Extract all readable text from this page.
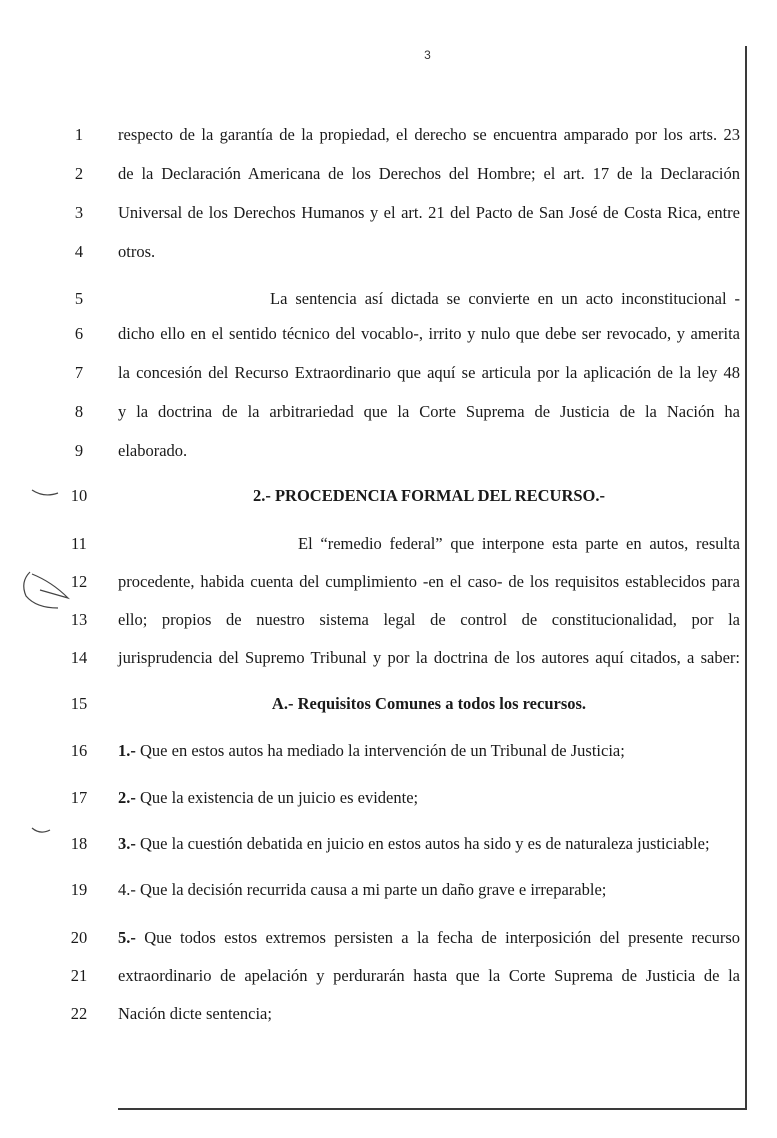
3
1	respecto de la garantía de la propiedad, el derecho se encuentra amparado por los arts. 23
2	de la Declaración Americana de los Derechos del Hombre; el art. 17 de la Declaración
3	Universal de los Derechos Humanos y el art. 21 del Pacto de San José de Costa Rica, entre
4	otros.
5	La sentencia así dictada se convierte en un acto inconstitucional -
6	dicho ello en el sentido técnico del vocablo-, irrito y nulo que debe ser revocado, y amerita
7	la concesión del Recurso Extraordinario que aquí se articula por la aplicación de la ley 48
8	y la doctrina de la arbitrariedad que la Corte Suprema de Justicia de la Nación ha
9	elaborado.
10	2.- PROCEDENCIA FORMAL DEL RECURSO.-
11	El “remedio federal” que interpone esta parte en autos, resulta
12	procedente, habida cuenta del cumplimiento -en el caso- de los requisitos establecidos para
13	ello; propios de nuestro sistema legal de control de constitucionalidad, por la
14	jurisprudencia del Supremo Tribunal y por la doctrina de los autores aquí citados, a saber:
15	A.- Requisitos Comunes a todos los recursos.
16	1.- Que en estos autos ha mediado la intervención de un Tribunal de Justicia;
17	2.- Que la existencia de un juicio es evidente;
18	3.- Que la cuestión debatida en juicio en estos autos ha sido y es de naturaleza justiciable;
19	4.- Que la decisión recurrida causa a mi parte un daño grave e irreparable;
20	5.- Que todos estos extremos persisten a la fecha de interposición del presente recurso
21	extraordinario de apelación y perdurarán hasta que la Corte Suprema de Justicia de la
22	Nación dicte sentencia;
